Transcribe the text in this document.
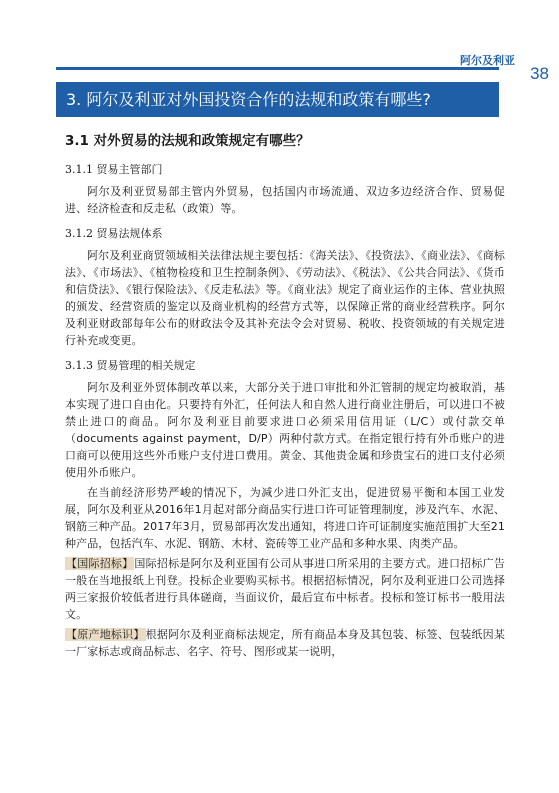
阿尔及利亚
38
3. 阿尔及利亚对外国投资合作的法规和政策有哪些?
3.1 对外贸易的法规和政策规定有哪些？
3.1.1 贸易主管部门

阿尔及利亚贸易部主管内外贸易，包括国内市场流通、双边多边经济合作、贸易促进、经济检查和反走私（政策）等。

3.1.2 贸易法规体系

阿尔及利亚商贸领域相关法律法规主要包括：《海关法》、《投资法》、《商业法》、《商标法》、《市场法》、《植物检疫和卫生控制条例》、《劳动法》、《税法》、《公共合同法》、《货币和信贷法》、《银行保险法》、《反走私法》等。《商业法》规定了商业运作的主体、营业执照的颁发、经营资质的鉴定以及商业机构的经营方式等，以保障正常的商业经营秩序。阿尔及利亚财政部每年公布的财政法令及其补充法令会对贸易、税收、投资领域的有关规定进行补充或变更。

3.1.3 贸易管理的相关规定

阿尔及利亚外贸体制改革以来，大部分关于进口审批和外汇管制的规定均被取消，基本实现了进口自由化。只要持有外汇，任何法人和自然人进行商业注册后，可以进口不被禁止进口的商品。阿尔及利亚目前要求进口必须采用信用证（L/C）或付款交单（documents against payment，D/P）两种付款方式。在指定银行持有外币账户的进口商可以使用这些外币账户支付进口费用。黄金、其他贵金属和珍贵宝石的进口支付必须使用外币账户。

在当前经济形势严峻的情况下，为减少进口外汇支出，促进贸易平衡和本国工业发展，阿尔及利亚从2016年1月起对部分商品实行进口许可证管理制度，涉及汽车、水泥、钢筋三种产品。2017年3月，贸易部再次发出通知，将进口许可证制度实施范围扩大至21种产品，包括汽车、水泥、钢筋、木材、瓷砖等工业产品和多种水果、肉类产品。

【国际招标】国际招标是阿尔及利亚国有公司从事进口所采用的主要方式。进口招标广告一般在当地报纸上刊登。投标企业要购买标书。根据招标情况，阿尔及利亚进口公司选择两三家报价较低者进行具体磋商，当面议价，最后宣布中标者。投标和签订标书一般用法文。

【原产地标识】根据阿尔及利亚商标法规定，所有商品本身及其包装、标签、包装纸因某一厂家标志或商品标志、名字、符号、图形或某一说明，
